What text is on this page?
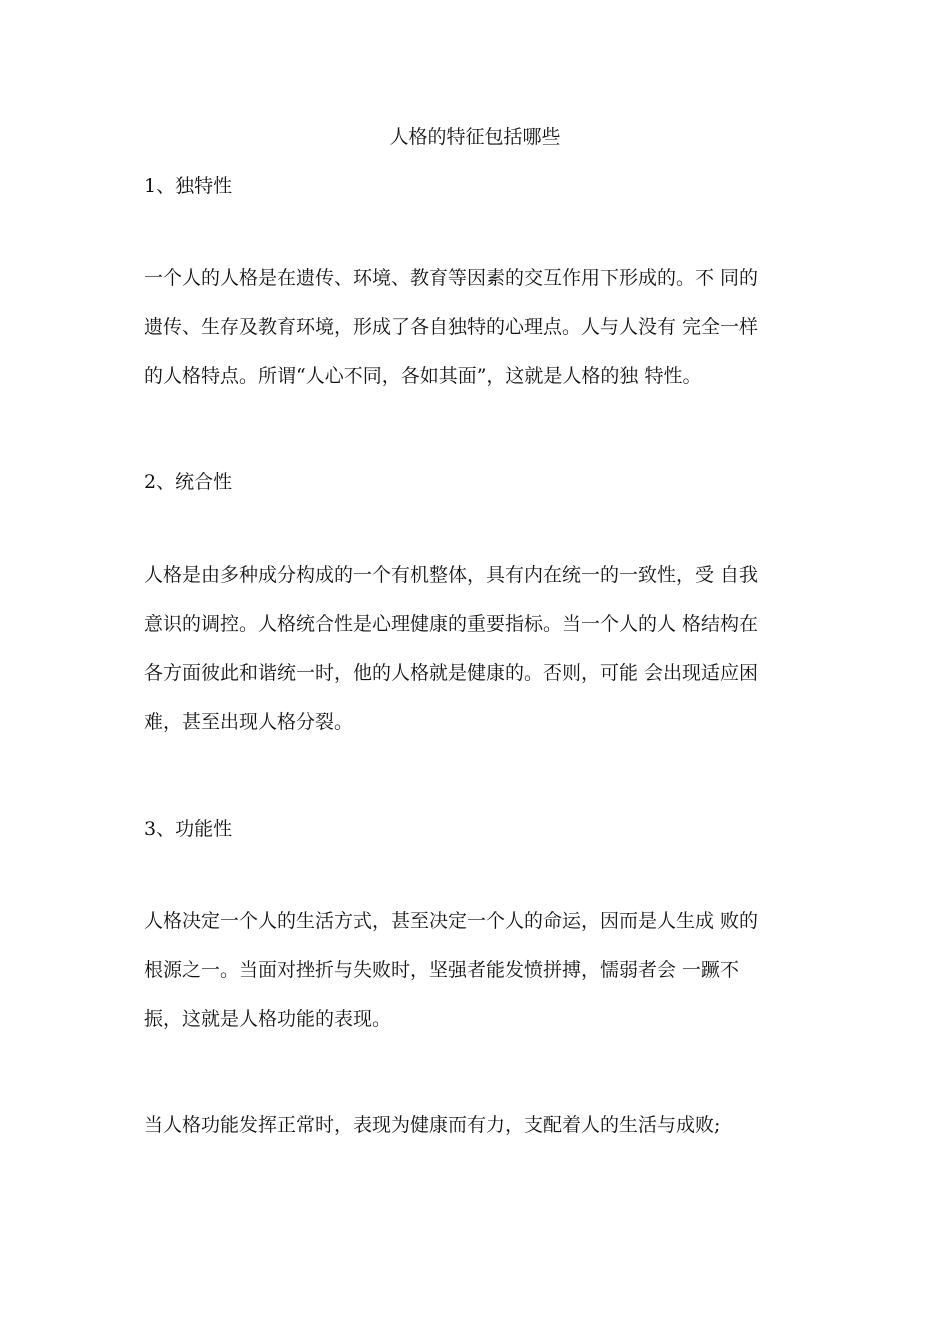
人格的特征包括哪些
1、独特性

一个人的人格是在遗传、环境、教育等因素的交互作用下形成的。不 同的
遗传、生存及教育环境，形成了各自独特的心理点。人与人没有 完全一样
的人格特点。所谓“人心不同，各如其面”，这就是人格的独 特性。

2、统合性

人格是由多种成分构成的一个有机整体，具有内在统一的一致性，受 自我
意识的调控。人格统合性是心理健康的重要指标。当一个人的人 格结构在
各方面彼此和谐统一时，他的人格就是健康的。否则，可能 会出现适应困
难，甚至出现人格分裂。

3、功能性

人格决定一个人的生活方式，甚至决定一个人的命运，因而是人生成 败的
根源之一。当面对挫折与失败时，坚强者能发愤拼搏，懦弱者会 一蹶不
振，这就是人格功能的表现。

当人格功能发挥正常时，表现为健康而有力，支配着人的生活与成败;
